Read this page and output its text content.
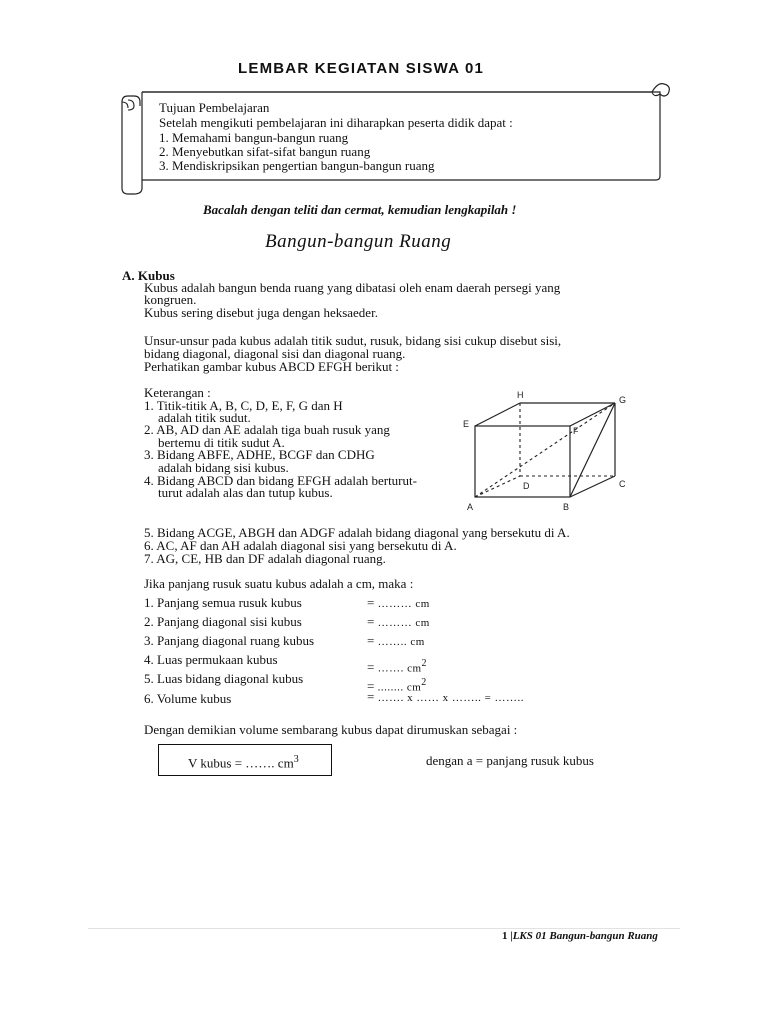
LEMBAR KEGIATAN SISWA 01
Tujuan Pembelajaran
Setelah mengikuti pembelajaran ini diharapkan peserta didik dapat :
1. Memahami bangun-bangun ruang
2. Menyebutkan sifat-sifat bangun ruang
3. Mendiskripsikan pengertian bangun-bangun ruang
Bacalah dengan teliti dan cermat, kemudian lengkapilah !
Bangun-bangun Ruang
A. Kubus
Kubus adalah bangun benda ruang yang dibatasi oleh enam daerah persegi yang
kongruen.
Kubus sering disebut juga dengan heksaeder.
Unsur-unsur pada kubus adalah titik sudut, rusuk, bidang sisi cukup disebut sisi,
bidang diagonal, diagonal sisi dan diagonal ruang.
Perhatikan gambar kubus ABCD EFGH berikut :
Keterangan :
1. Titik-titik A, B, C, D, E, F, G dan H
adalah titik sudut.
2. AB, AD dan AE adalah tiga buah rusuk yang
bertemu di titik sudut A.
3. Bidang ABFE, ADHE, BCGF dan CDHG
adalah bidang sisi kubus.
4. Bidang ABCD dan bidang EFGH adalah berturut-
turut adalah alas dan tutup kubus.
A	B
C
D
E
F
G
H
5. Bidang ACGE, ABGH dan ADGF adalah bidang diagonal yang bersekutu di A.
6. AC, AF dan AH adalah diagonal sisi yang bersekutu di A.
7. AG, CE, HB dan DF adalah diagonal ruang.
Jika panjang rusuk suatu kubus adalah a cm, maka :
1. Panjang semua rusuk kubus	= ……… cm
2. Panjang diagonal sisi kubus	= ……… cm
3. Panjang diagonal ruang kubus	= …….. cm
4. Luas permukaan kubus	= ……. $cm^2$
5. Luas bidang diagonal kubus	= ........ $cm^2$
6. Volume kubus	= ……. x …… x …….. = ……..
Dengan demikian volume sembarang kubus dapat dirumuskan sebagai :
V kubus = ……. $cm^3$	dengan a = panjang rusuk kubus
1 |LKS 01 Bangun-bangun Ruang
